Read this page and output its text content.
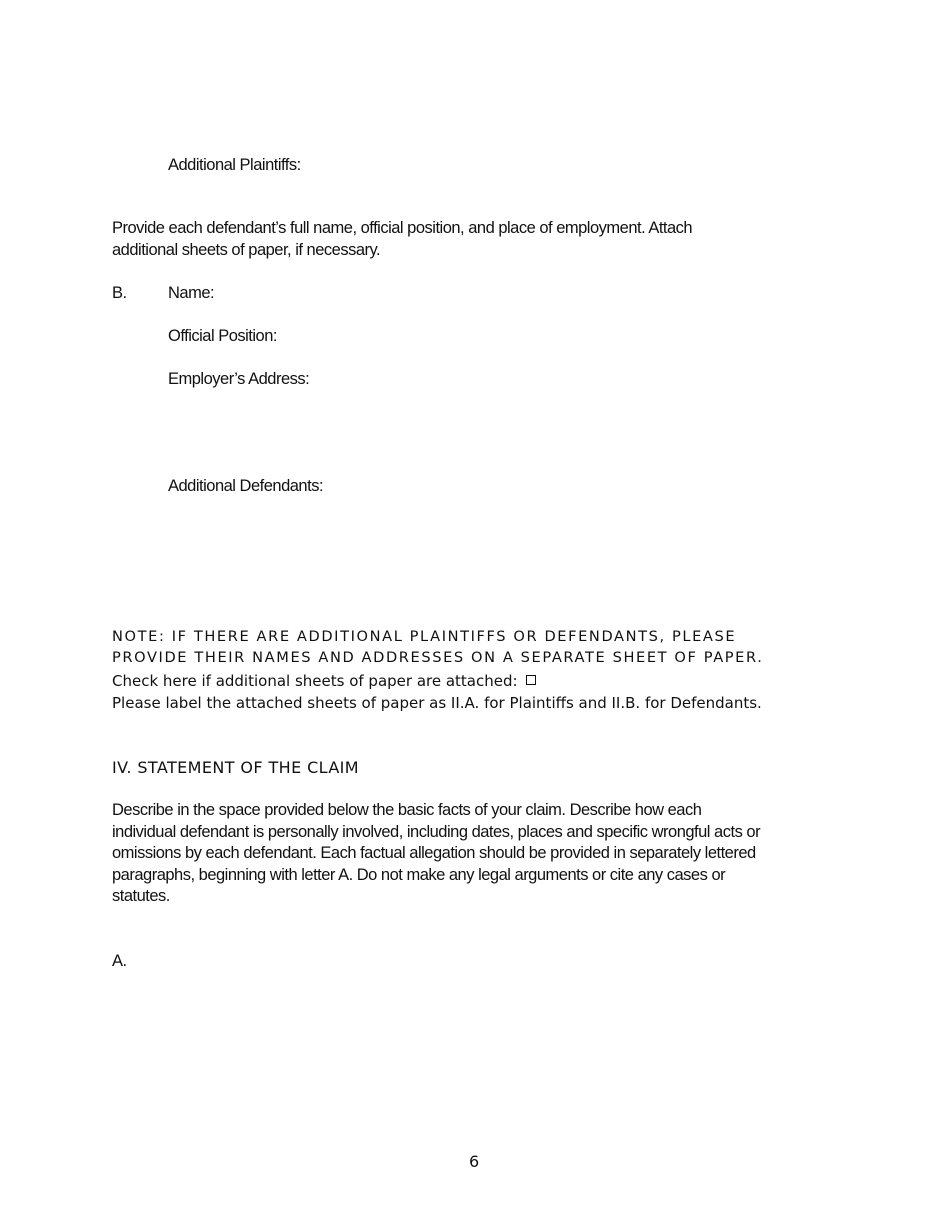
Additional Plaintiffs:
Provide each defendant’s full name, official position, and place of employment. Attach
additional sheets of paper, if necessary.
B.	Name:
Official Position:
Employer’s Address:
Additional Defendants:
NOTE: IF THERE ARE ADDITIONAL PLAINTIFFS OR DEFENDANTS, PLEASE
PROVIDE THEIR NAMES AND ADDRESSES ON A SEPARATE SHEET OF PAPER.
Check here if additional sheets of paper are attached:
Please label the attached sheets of paper as II.A. for Plaintiffs and II.B. for Defendants.
IV. STATEMENT OF THE CLAIM
Describe in the space provided below the basic facts of your claim. Describe how each
individual defendant is personally involved, including dates, places and specific wrongful acts or
omissions by each defendant. Each factual allegation should be provided in separately lettered
paragraphs, beginning with letter A. Do not make any legal arguments or cite any cases or
statutes.
A.
6
